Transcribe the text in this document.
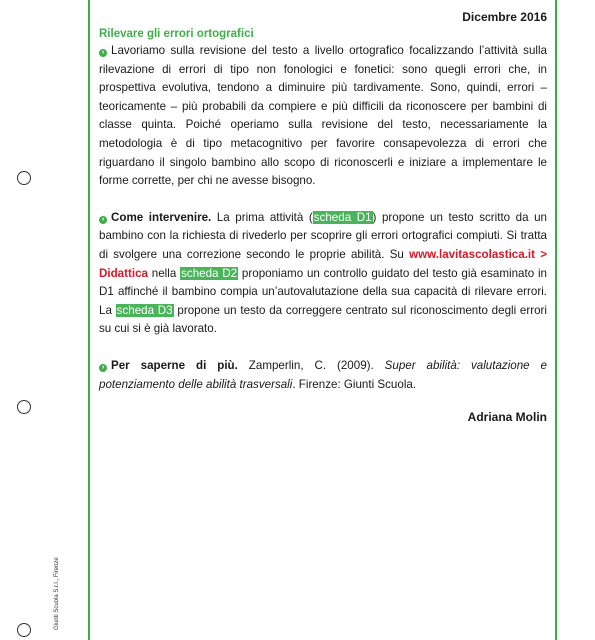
Giunti Scuola S.r.l., Firenze
Dicembre 2016
Rilevare gli errori ortografici

› Lavoriamo sulla revisione del testo a livello ortografico focalizzando l’attività sulla rilevazione di errori di tipo non fonologici e fonetici: sono quegli errori che, in prospettiva evolutiva, tendono a diminuire più tardivamente. Sono, quindi, errori – teoricamente – più probabili da compiere e più difficili da riconoscere per bambini di classe quinta. Poiché operiamo sulla revisione del testo, necessariamente la metodologia è di tipo metacognitivo per favorire consapevolezza di errori che riguardano il singolo bambino allo scopo di riconoscerli e iniziare a implementare le forme corrette, per chi ne avesse bisogno.

› Come intervenire. La prima attività (scheda D1) propone un testo scritto da un bambino con la richiesta di rivederlo per scoprire gli errori ortografici compiuti. Si tratta di svolgere una correzione secondo le proprie abilità. Su www.lavitascolastica.it > Didattica nella scheda D2 proponiamo un controllo guidato del testo già esaminato in D1 affinché il bambino compia un’autovalutazione della sua capacità di rilevare errori. La scheda D3 propone un testo da correggere centrato sul riconoscimento degli errori su cui si è già lavorato.

› Per saperne di più. Zamperlin, C. (2009). Super abilità: valutazione e potenziamento delle abilità trasversali. Firenze: Giunti Scuola.

Adriana Molin
